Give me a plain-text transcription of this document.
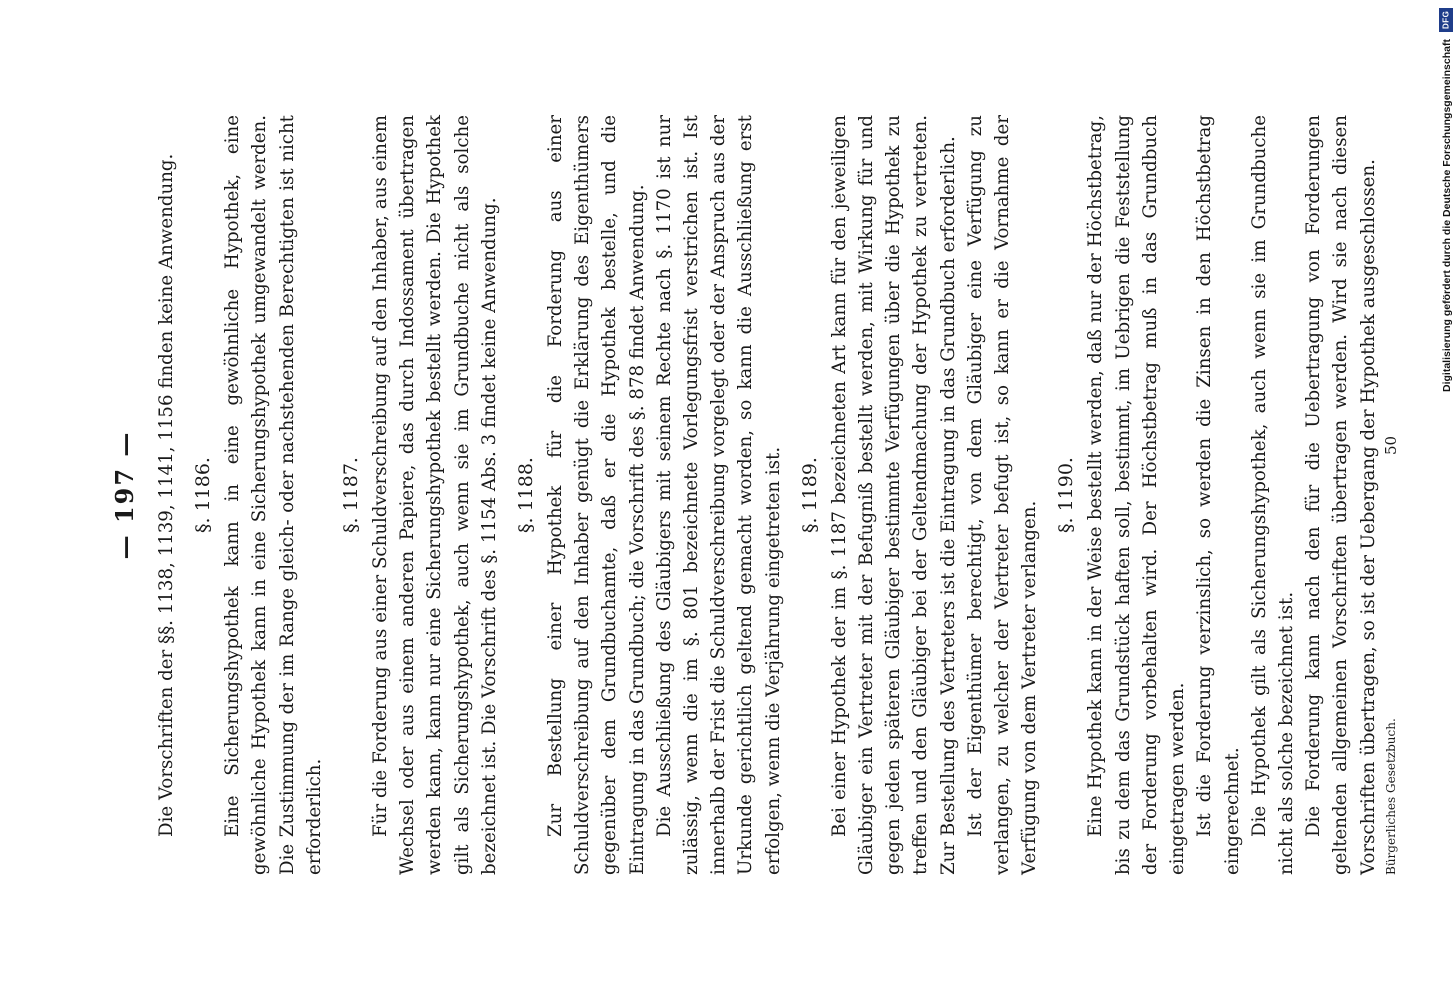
— 197 — Die Vorschriften der §§. 1138, 1139, 1141, 1156 finden keine Anwendung. §. 1186. Eine Sicherungshypothek kann in eine gewöhnliche Hypothek, eine gewöhnliche Hypothek kann in eine Sicherungshypothek umgewandelt werden. Die Zustimmung der im Range gleich- oder nachstehenden Berechtigten ist nicht erforderlich.

§. 1187. Für die Forderung aus einer Schuldverschreibung auf den Inhaber, aus einem Wechsel oder aus einem anderen Papiere, das durch Indossament übertragen werden kann, kann nur eine Sicherungshypothek bestellt werden. Die Hypothek gilt als Sicherungshypothek, auch wenn sie im Grundbuche nicht als solche bezeichnet ist. Die Vorschrift des §. 1154 Abs. 3 findet keine Anwendung. §. 1188. Zur Bestellung einer Hypothek für die Forderung aus einer Schuldverschreibung auf den Inhaber genügt die Erklärung des Eigenthümers gegenüber dem Grundbuchamte, daß er die Hypothek bestelle, und die Eintragung in das Grundbuch; die Vorschrift des §. 878 findet Anwendung. Die Ausschließung des Gläubigers mit seinem Rechte nach §. 1170 ist nur zulässig, wenn die im §. 801 bezeichnete Vorlegungsfrist verstrichen ist. Ist innerhalb der Frist die Schuldverschreibung vorgelegt oder der Anspruch aus der Urkunde gerichtlich geltend gemacht worden, so kann die Ausschließung erst erfolgen, wenn die Verjährung eingetreten ist. §. 1189. Bei einer Hypothek der im §. 1187 bezeichneten Art kann für den jeweiligen Gläubiger ein Vertreter mit der Befugniß bestellt werden, mit Wirkung für und gegen jeden späteren Gläubiger bestimmte Verfügungen über die Hypothek zu treffen und den Gläubiger bei der Geltendmachung der Hypothek zu vertreten. Zur Bestellung des Vertreters ist die Eintragung in das Grundbuch erforderlich. Ist der Eigenthümer berechtigt, von dem Gläubiger eine Verfügung zu verlangen, zu welcher der Vertreter befugt ist, so kann er die Vornahme der Verfügung von dem Vertreter verlangen.

§. 1190. Eine Hypothek kann in der Weise bestellt werden, daß nur der Höchstbetrag, bis zu dem das Grundstück haften soll, bestimmt, im Uebrigen die Feststellung der Forderung vorbehalten wird. Der Höchstbetrag muß in das Grundbuch eingetragen werden. Ist die Forderung verzinslich, so werden die Zinsen in den Höchstbetrag eingerechnet. Die Hypothek gilt als Sicherungshypothek, auch wenn sie im Grundbuche nicht als solche bezeichnet ist. Die Forderung kann nach den für die Uebertragung von Forderungen geltenden allgemeinen Vorschriften übertragen werden. Wird sie nach diesen Vorschriften übertragen, so ist der Uebergang der Hypothek ausgeschlossen. Bürgerliches Gesetzbuch.
50
Digitalisierung gefördert durch die Deutsche Forschungsgemeinschaft
DFG
